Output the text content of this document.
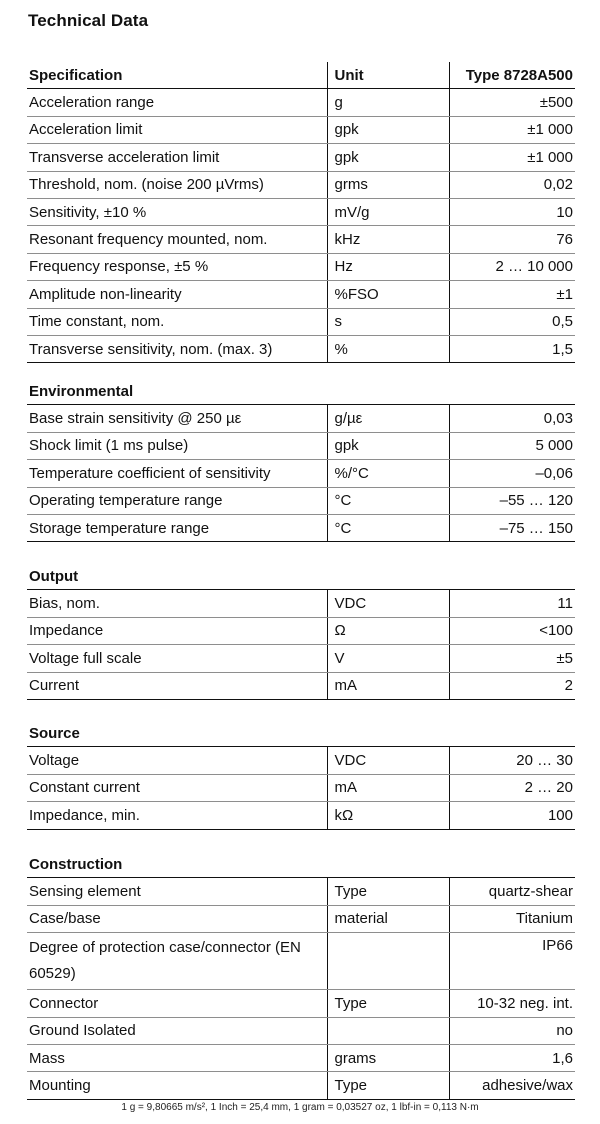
Technical Data
Specification	Unit	Type 8728A500
Acceleration range	g	±500
Acceleration limit	gpk	±1 000
Transverse acceleration limit	gpk	±1 000
Threshold, nom. (noise 200 µVrms)	grms	0,02
Sensitivity, ±10 %	mV/g	10
Resonant frequency mounted, nom.	kHz	76
Frequency response, ±5 %	Hz	2 … 10 000
Amplitude non-linearity	%FSO	±1
Time constant, nom.	s	0,5
Transverse sensitivity, nom. (max. 3)	%	1,5
Environmental		
Base strain sensitivity @ 250 µε	g/µε	0,03
Shock limit (1 ms pulse)	gpk	5 000
Temperature coefficient of sensitivity	%/°C	–0,06
Operating temperature range	°C	–55 … 120
Storage temperature range	°C	–75 … 150
Output		
Bias, nom.	VDC	11
Impedance	Ω	<100
Voltage full scale	V	±5
Current	mA	2
Source		
Voltage	VDC	20 … 30
Constant current	mA	2 … 20
Impedance, min.	kΩ	100
Construction		
Sensing element	Type	quartz-shear
Case/base	material	Titanium
Degree of protection case/connector (EN 60529)		IP66
Connector	Type	10-32 neg. int.
Ground Isolated		no
Mass	grams	1,6
Mounting	Type	adhesive/wax
1 g = 9,80665 m/s², 1 Inch = 25,4 mm, 1 gram = 0,03527 oz, 1 lbf-in = 0,113 N·m
